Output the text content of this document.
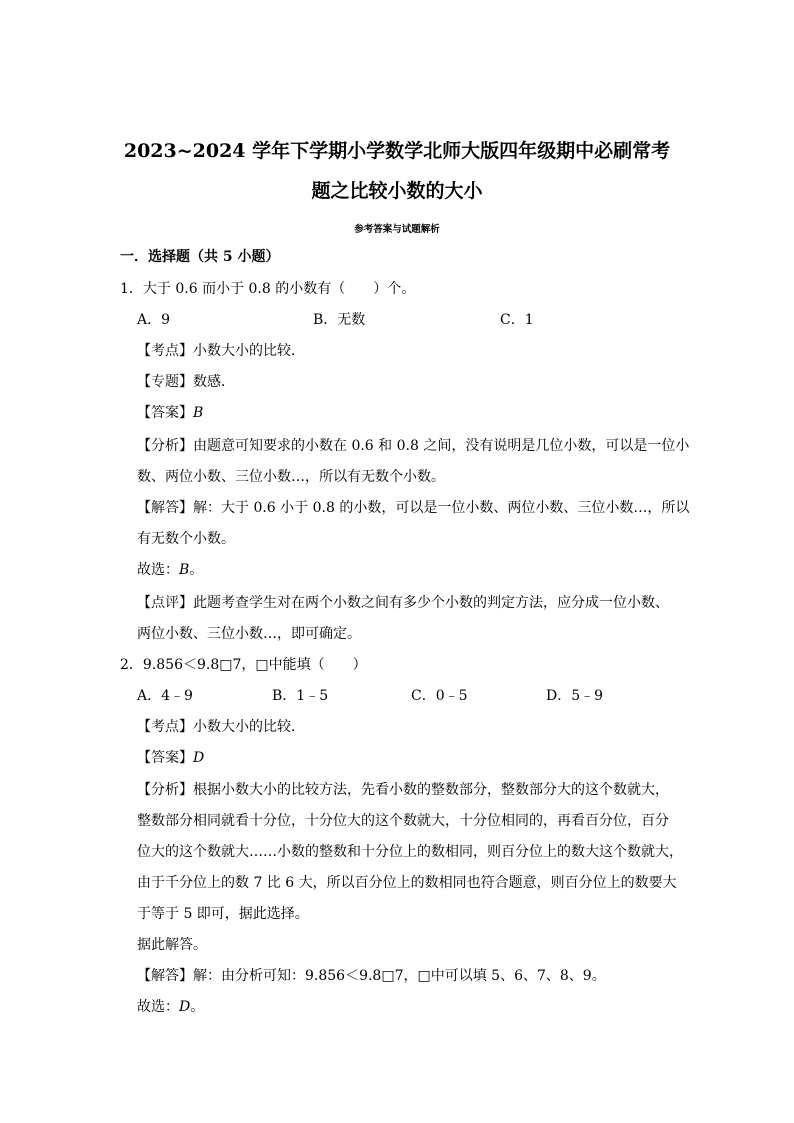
2023~2024 学年下学期小学数学北师大版四年级期中必刷常考
题之比较小数的大小
参考答案与试题解析
一．选择题（共 5 小题）
1．大于 0.6 而小于 0.8 的小数有（　　）个。
A．9	B．无数	C．1
【考点】小数大小的比较．
【专题】数感．
【答案】B
【分析】由题意可知要求的小数在 0.6 和 0.8 之间，没有说明是几位小数，可以是一位小
数、两位小数、三位小数…，所以有无数个小数。
【解答】解：大于 0.6 小于 0.8 的小数，可以是一位小数、两位小数、三位小数…，所以
有无数个小数。
故选：B。
【点评】此题考查学生对在两个小数之间有多少个小数的判定方法，应分成一位小数、
两位小数、三位小数…，即可确定。
2．9.856＜9.8□7，□中能填（　　）
A．4﹣9	B．1﹣5	C．0﹣5	D．5﹣9
【考点】小数大小的比较．
【答案】D
【分析】根据小数大小的比较方法，先看小数的整数部分，整数部分大的这个数就大，
整数部分相同就看十分位，十分位大的这个数就大，十分位相同的，再看百分位，百分
位大的这个数就大……小数的整数和十分位上的数相同，则百分位上的数大这个数就大，
由于千分位上的数 7 比 6 大，所以百分位上的数相同也符合题意，则百分位上的数要大
于等于 5 即可，据此选择。
据此解答。
【解答】解：由分析可知：9.856＜9.8□7，□中可以填 5、6、7、8、9。
故选：D。
